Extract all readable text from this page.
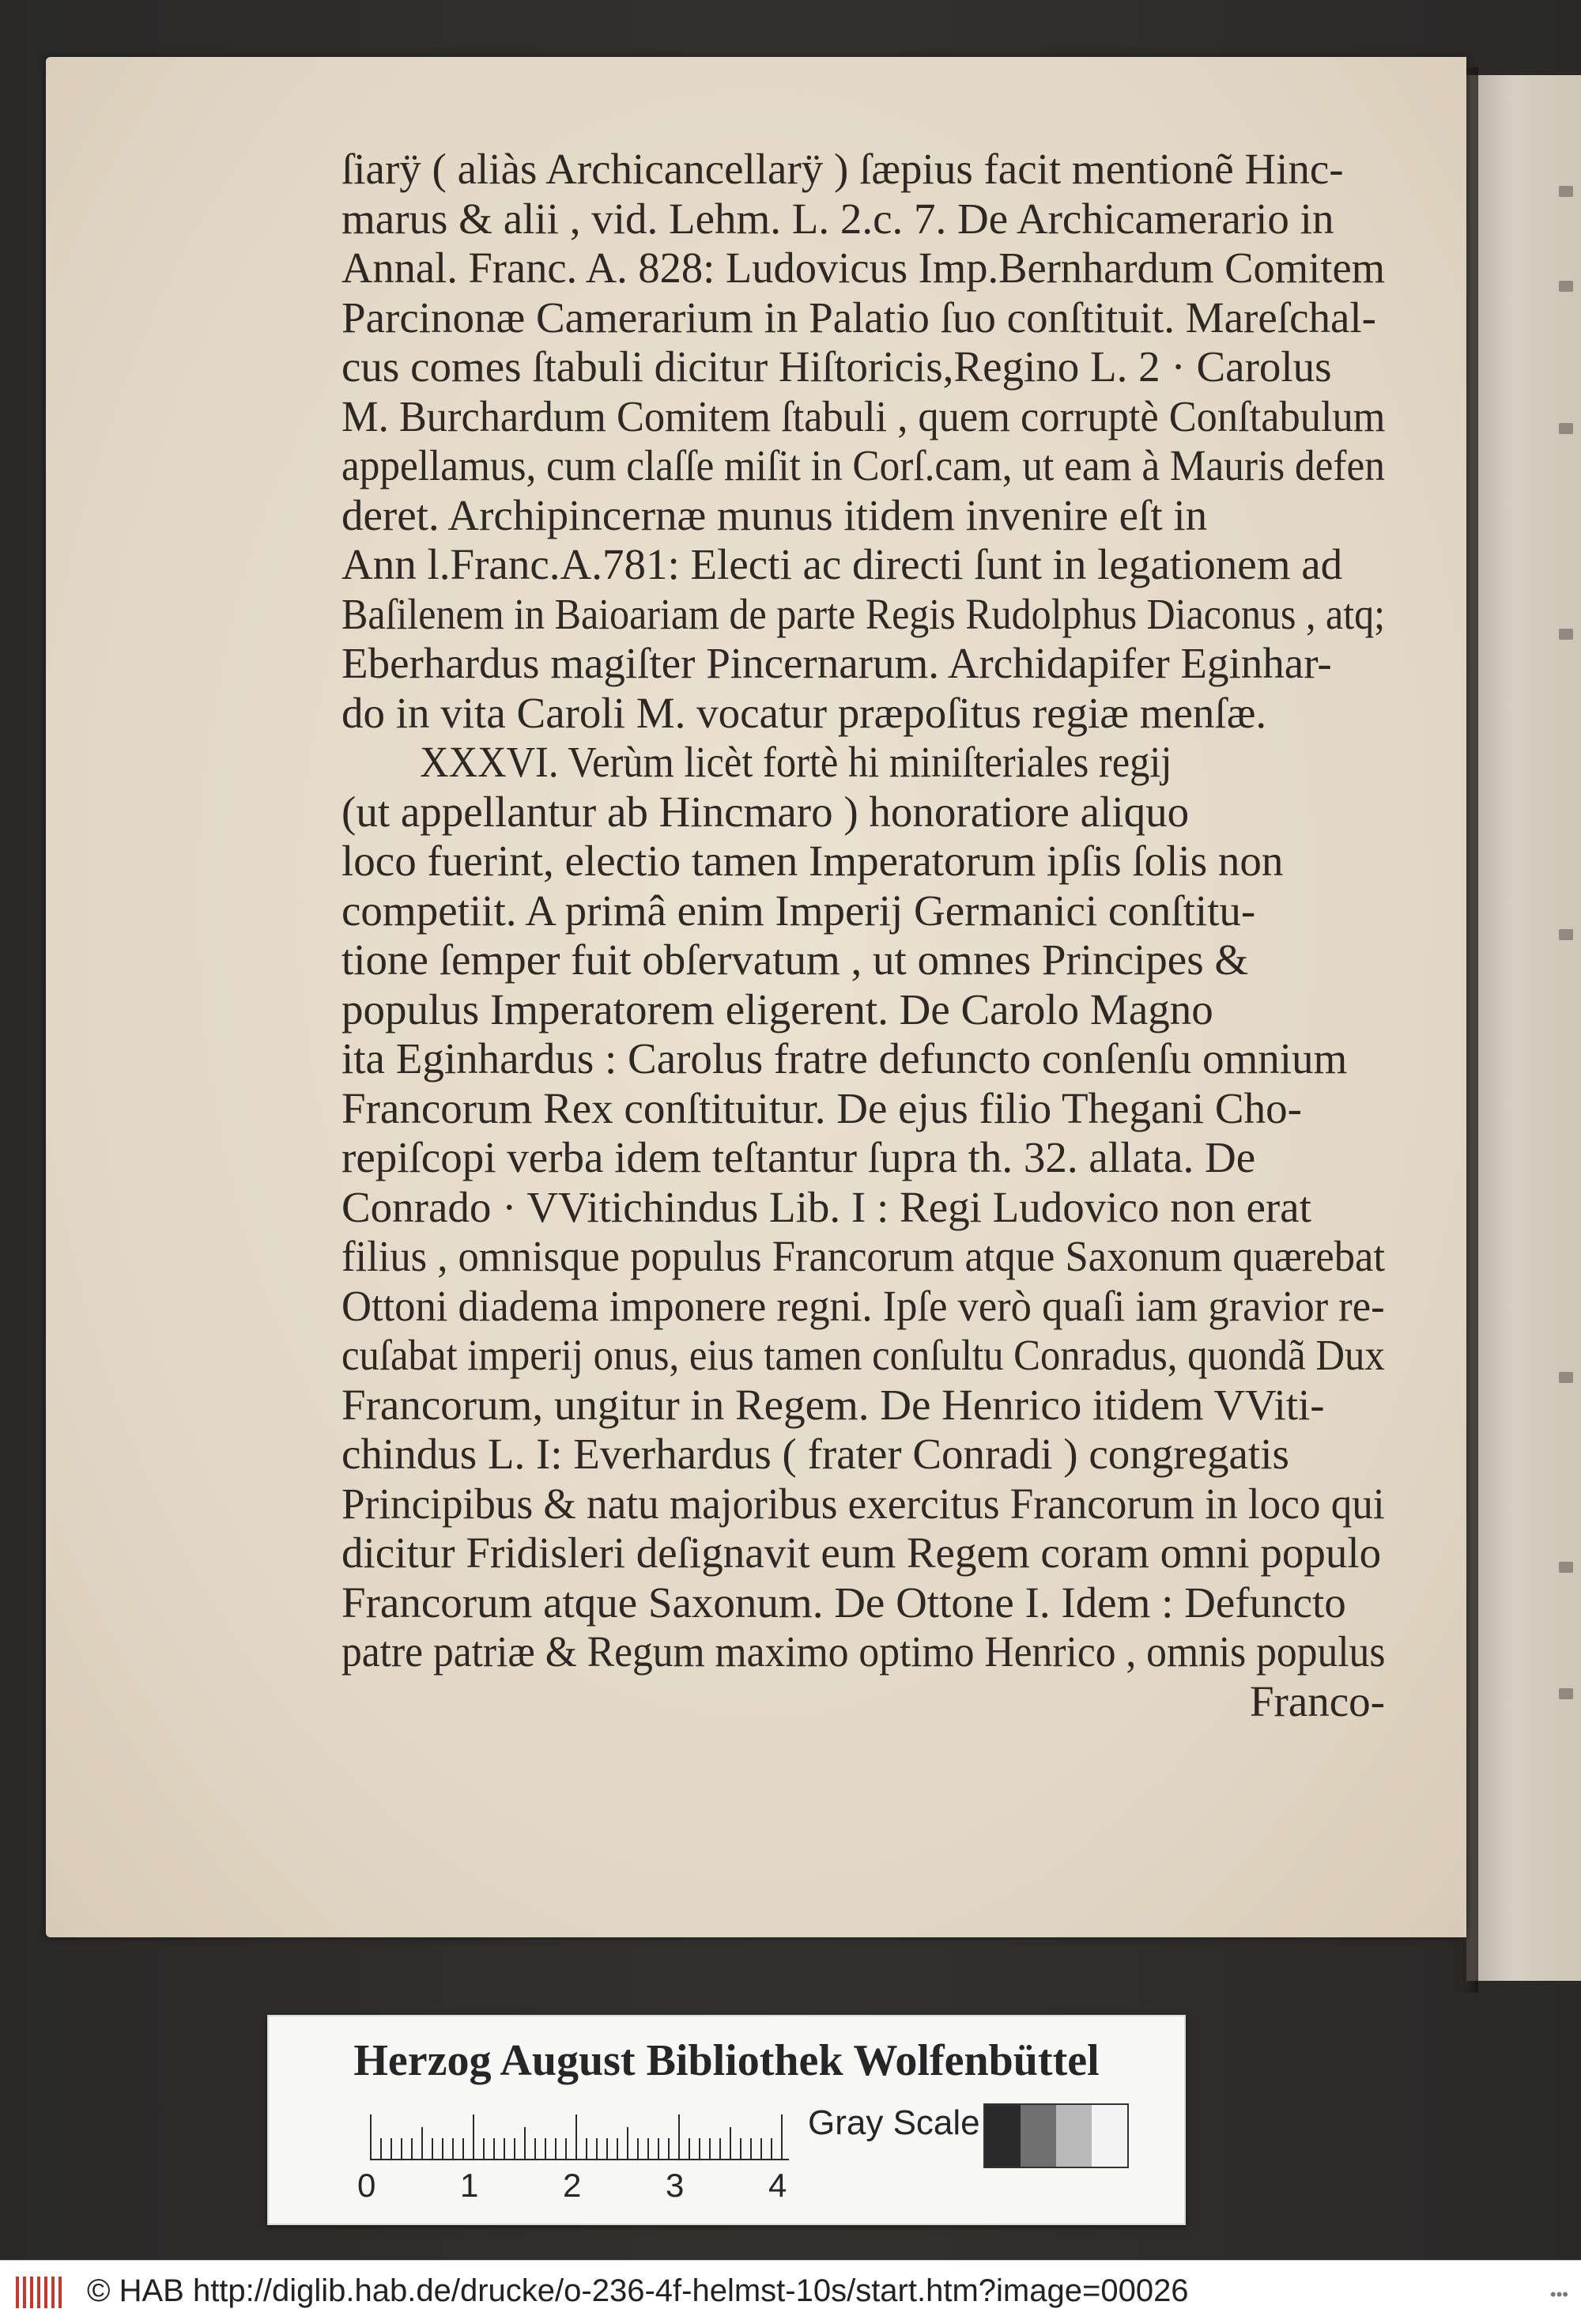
ſiarÿ ( aliàs Archicancellarÿ ) ſæpius facit mentionẽ Hinc-
marus & alii , vid. Lehm. L. 2.c. 7. De Archicamerario in
Annal. Franc. A. 828: Ludovicus Imp.Bernhardum Comitem
Parcinonæ Camerarium in Palatio ſuo conſtituit. Mareſchal-
cus comes ſtabuli dicitur Hiſtoricis,Regino L. 2 · Carolus
M. Burchardum Comitem ſtabuli , quem corruptè Conſtabulum
appellamus, cum claſſe miſit in Corſ.cam, ut eam à Mauris defen
deret. Archipincernæ munus itidem invenire eſt in
Ann l.Franc.A.781: Electi ac directi ſunt in legationem ad
Baſilenem in Baioariam de parte Regis Rudolphus Diaconus , atq;
Eberhardus magiſter Pincernarum. Archidapifer Eginhar-
do in vita Caroli M. vocatur præpoſitus regiæ menſæ.
XXXVI. Verùm licèt fortè hi miniſteriales regij
(ut appellantur ab Hincmaro ) honoratiore aliquo
loco fuerint, electio tamen Imperatorum ipſis ſolis non
competiit. A primâ enim Imperij Germanici conſtitu-
tione ſemper fuit obſervatum , ut omnes Principes &
populus Imperatorem eligerent. De Carolo Magno
ita Eginhardus : Carolus fratre defuncto conſenſu omnium
Francorum Rex conſtituitur. De ejus filio Thegani Cho-
repiſcopi verba idem teſtantur ſupra th. 32. allata. De
Conrado · VVitichindus Lib. I : Regi Ludovico non erat
filius , omnisque populus Francorum atque Saxonum quærebat
Ottoni diadema imponere regni. Ipſe verò quaſi iam gravior re-
cuſabat imperij onus, eius tamen conſultu Conradus, quondã Dux
Francorum, ungitur in Regem. De Henrico itidem VViti-
chindus L. I: Everhardus ( frater Conradi ) congregatis
Principibus & natu majoribus exercitus Francorum in loco qui
dicitur Fridisleri deſignavit eum Regem coram omni populo
Francorum atque Saxonum. De Ottone I. Idem : Defuncto
patre patriæ & Regum maximo optimo Henrico , omnis populus
Franco-
Herzog August Bibliothek Wolfenbüttel
0	1	2	3	4
Gray Scale
© HAB http://diglib.hab.de/drucke/o-236-4f-helmst-10s/start.htm?image=00026	•••
